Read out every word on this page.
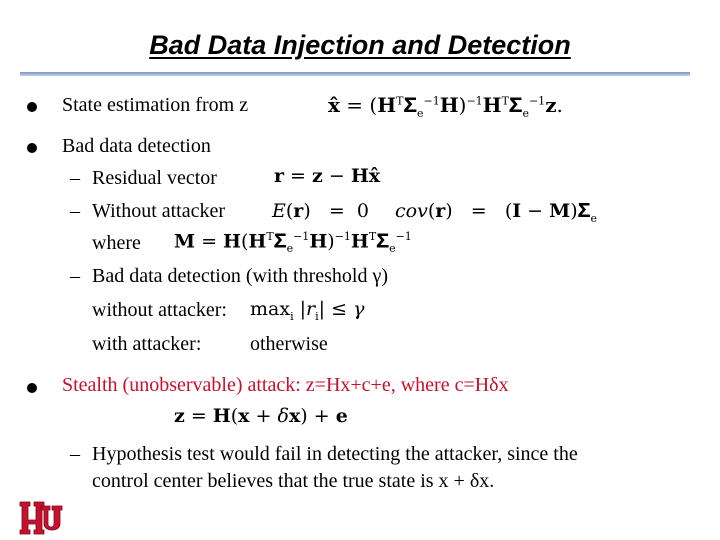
Bad Data Injection and Detection
State estimation from z	x̂ = $(H^T𝚺_e^{-1}H)^{-1}H^T𝚺_e^{-1}z$.
Bad data detection
– Residual vector	r = z − Hx̂
– Without attacker E(r)   =  0 cov(r)   =   (I − M)𝚺$_e$
where $M = H(H^T𝚺_e^{-1}H)^{-1}H^T𝚺_e^{-1}$
– Bad data detection (with threshold γ)
without attacker: $\max_i |r_i| \le \gamma$
with attacker: otherwise
Stealth (unobservable) attack: z=Hx+c+e, where c=Hδx
z = H(x + δx) + e
– Hypothesis test would fail in detecting the attacker, since the
control center believes that the true state is x + δx.
